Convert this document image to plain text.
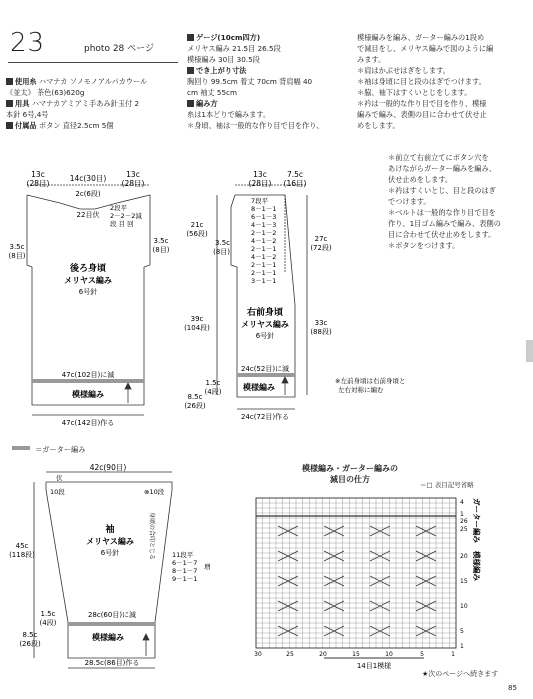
23	photo 28 ページ
使用糸 ハマナカ ソノモノアルパカウール
《並太》 茶色(63)620g
用具 ハマナカアミアミ手あみ針玉付 2
本針 6号,4号
付属品 ボタン 直径2.5cm 5個
ゲージ(10cm四方)
メリヤス編み 21.5目 26.5段
模様編み 30目 30.5段
でき上がり寸法
胸回り 99.5cm 着丈 70cm 背肩幅 40
cm 袖丈 55cm
編み方
糸は1本どりで編みます。
＊身頃、袖は一般的な作り目で目を作り、
模様編みを編み、ガーター編みの1段め
で減目をし、メリヤス編みで図のように編
みます。
＊肩はかぶせはぎをします。
＊袖は身頃に目と段のはぎでつけます。
＊脇、袖下はすくいとじをします。
＊衿は一般的な作り目で目を作り、模様
編みで編み、表側の目に合わせて伏せ止
めをします。
＊前立て右前立てにボタン穴を
あけながらガーター編みを編み、
伏せ止めをします。
＊衿はすくいとじ、目と段のはぎ
でつけます。
＊ベルトは一般的な作り目で目を
作り、1目ゴム編みで編み、表側の
目に合わせて伏せ止めをします。
＊ボタンをつけます。
13c
(28目)
14c(30目)	13c
(28目)
2c(6段)
22目伏
2段平
2－2－2減
段 目 回
3.5c
(8目)
3.5c
(8目)
後ろ身頃
メリヤス編み
6号針
47c(102目)に減
模様編み
47c(142目)作る
13c
(28目)
7.5c
(16目)
21c
(56段)
3.5c
(8目)
39c
(104段)
1.5c
(4段)
8.5c
(26段)
27c
(72段)
33c
(88段)
7段平
8－1－1
6－1－3
4－1－3
2－1－2
4－1－2
2－1－1
4－1－2
2－1－1
2－1－1
3－1－1
右前身頃
メリヤス編み
6号針
24c(52目)に減
模様編み
24c(72目)作る
※左前身頃は右前身頃と
左右対称に編む
＝ガーター編み
42c(90目)
伏
10段	⊗10段
45c
(118段)
袖
メリヤス編み
6号針	身頃の合印とじる	11段平
6－1－7
8－1－7
9－1－1
増
1.5c
(4段)
8.5c
(26段)
28c(60目)に減
模様編み
28.5c(86目)作る
模様編み・ガーター編みの
減目の仕方
＝□ 表目記号省略
4
1
26
25
20
15
10
5
1
30	25	20	15	10	5	1
14目1模様
ガーター編み
模様編み
★次のページへ続きます
85
